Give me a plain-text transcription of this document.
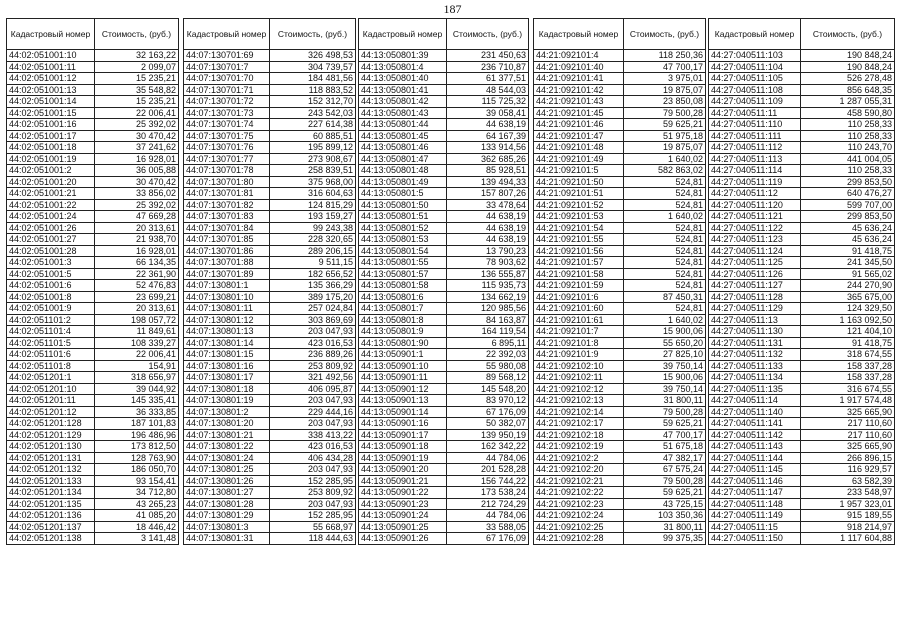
187
Кадастровый номер	Стоимость, (руб.)
44:02:051001:10	32 163,22
44:02:051001:11	2 099,07
44:02:051001:12	15 235,21
44:02:051001:13	35 548,82
44:02:051001:14	15 235,21
44:02:051001:15	22 006,41
44:02:051001:16	25 392,02
44:02:051001:17	30 470,42
44:02:051001:18	37 241,62
44:02:051001:19	16 928,01
44:02:051001:2	36 005,88
44:02:051001:20	30 470,42
44:02:051001:21	33 856,02
44:02:051001:22	25 392,02
44:02:051001:24	47 669,28
44:02:051001:26	20 313,61
44:02:051001:27	21 938,70
44:02:051001:28	16 928,01
44:02:051001:3	66 134,35
44:02:051001:5	22 361,90
44:02:051001:6	52 476,83
44:02:051001:8	23 699,21
44:02:051001:9	20 313,61
44:02:051101:2	198 057,72
44:02:051101:4	11 849,61
44:02:051101:5	108 339,27
44:02:051101:6	22 006,41
44:02:051101:8	154,91
44:02:051201:1	318 656,97
44:02:051201:10	39 044,92
44:02:051201:11	145 335,41
44:02:051201:12	36 333,85
44:02:051201:128	187 101,83
44:02:051201:129	196 486,96
44:02:051201:130	173 812,50
44:02:051201:131	128 763,90
44:02:051201:132	186 050,70
44:02:051201:133	93 154,41
44:02:051201:134	34 712,80
44:02:051201:135	43 265,23
44:02:051201:136	41 085,20
44:02:051201:137	18 446,42
44:02:051201:138	3 141,48
Кадастровый номер	Стоимость, (руб.)
44:07:130701:69	326 498,53
44:07:130701:7	304 739,57
44:07:130701:70	184 481,56
44:07:130701:71	118 883,52
44:07:130701:72	152 312,70
44:07:130701:73	243 542,03
44:07:130701:74	227 614,38
44:07:130701:75	60 885,51
44:07:130701:76	195 899,12
44:07:130701:77	273 908,67
44:07:130701:78	258 839,51
44:07:130701:80	375 968,00
44:07:130701:81	316 604,63
44:07:130701:82	124 815,29
44:07:130701:83	193 159,27
44:07:130701:84	99 243,38
44:07:130701:85	228 320,65
44:07:130701:86	289 206,15
44:07:130701:88	9 511,15
44:07:130701:89	182 656,52
44:07:130801:1	135 366,29
44:07:130801:10	389 175,20
44:07:130801:11	257 024,84
44:07:130801:12	303 869,69
44:07:130801:13	203 047,93
44:07:130801:14	423 016,53
44:07:130801:15	236 889,26
44:07:130801:16	253 809,92
44:07:130801:17	321 492,56
44:07:130801:18	406 095,87
44:07:130801:19	203 047,93
44:07:130801:2	229 444,16
44:07:130801:20	203 047,93
44:07:130801:21	338 413,22
44:07:130801:22	423 016,53
44:07:130801:24	406 434,28
44:07:130801:25	203 047,93
44:07:130801:26	152 285,95
44:07:130801:27	253 809,92
44:07:130801:28	203 047,93
44:07:130801:29	152 285,95
44:07:130801:3	55 668,97
44:07:130801:31	118 444,63
Кадастровый номер	Стоимость, (руб.)
44:13:050801:39	231 450,63
44:13:050801:4	236 710,87
44:13:050801:40	61 377,51
44:13:050801:41	48 544,03
44:13:050801:42	115 725,32
44:13:050801:43	39 058,41
44:13:050801:44	44 638,19
44:13:050801:45	64 167,39
44:13:050801:46	133 914,56
44:13:050801:47	362 685,26
44:13:050801:48	85 928,51
44:13:050801:49	139 494,33
44:13:050801:5	157 807,26
44:13:050801:50	33 478,64
44:13:050801:51	44 638,19
44:13:050801:52	44 638,19
44:13:050801:53	44 638,19
44:13:050801:54	13 790,23
44:13:050801:55	78 903,62
44:13:050801:57	136 555,87
44:13:050801:58	115 935,73
44:13:050801:6	134 662,19
44:13:050801:7	120 985,56
44:13:050801:8	84 163,87
44:13:050801:9	164 119,54
44:13:050801:90	6 895,11
44:13:050901:1	22 392,03
44:13:050901:10	55 980,08
44:13:050901:11	89 568,12
44:13:050901:12	145 548,20
44:13:050901:13	83 970,12
44:13:050901:14	67 176,09
44:13:050901:16	50 382,07
44:13:050901:17	139 950,19
44:13:050901:18	162 342,22
44:13:050901:19	44 784,06
44:13:050901:20	201 528,28
44:13:050901:21	156 744,22
44:13:050901:22	173 538,24
44:13:050901:23	212 724,29
44:13:050901:24	44 784,06
44:13:050901:25	33 588,05
44:13:050901:26	67 176,09
Кадастровый номер	Стоимость, (руб.)
44:21:092101:4	118 250,36
44:21:092101:40	47 700,17
44:21:092101:41	3 975,01
44:21:092101:42	19 875,07
44:21:092101:43	23 850,08
44:21:092101:45	79 500,28
44:21:092101:46	59 625,21
44:21:092101:47	51 975,18
44:21:092101:48	19 875,07
44:21:092101:49	1 640,02
44:21:092101:5	582 863,02
44:21:092101:50	524,81
44:21:092101:51	524,81
44:21:092101:52	524,81
44:21:092101:53	1 640,02
44:21:092101:54	524,81
44:21:092101:55	524,81
44:21:092101:56	524,81
44:21:092101:57	524,81
44:21:092101:58	524,81
44:21:092101:59	524,81
44:21:092101:6	87 450,31
44:21:092101:60	524,81
44:21:092101:61	1 640,02
44:21:092101:7	15 900,06
44:21:092101:8	55 650,20
44:21:092101:9	27 825,10
44:21:092102:10	39 750,14
44:21:092102:11	15 900,06
44:21:092102:12	39 750,14
44:21:092102:13	31 800,11
44:21:092102:14	79 500,28
44:21:092102:17	59 625,21
44:21:092102:18	47 700,17
44:21:092102:19	51 675,18
44:21:092102:2	47 382,17
44:21:092102:20	67 575,24
44:21:092102:21	79 500,28
44:21:092102:22	59 625,21
44:21:092102:23	43 725,15
44:21:092102:24	103 350,36
44:21:092102:25	31 800,11
44:21:092102:28	99 375,35
Кадастровый номер	Стоимость, (руб.)
44:27:040511:103	190 848,24
44:27:040511:104	190 848,24
44:27:040511:105	526 278,48
44:27:040511:108	856 648,35
44:27:040511:109	1 287 055,31
44:27:040511:11	458 590,80
44:27:040511:110	110 258,33
44:27:040511:111	110 258,33
44:27:040511:112	110 243,70
44:27:040511:113	441 004,05
44:27:040511:114	110 258,33
44:27:040511:119	299 853,50
44:27:040511:12	640 476,27
44:27:040511:120	599 707,00
44:27:040511:121	299 853,50
44:27:040511:122	45 636,24
44:27:040511:123	45 636,24
44:27:040511:124	91 418,75
44:27:040511:125	241 345,50
44:27:040511:126	91 565,02
44:27:040511:127	244 270,90
44:27:040511:128	365 675,00
44:27:040511:129	124 329,50
44:27:040511:13	1 163 092,50
44:27:040511:130	121 404,10
44:27:040511:131	91 418,75
44:27:040511:132	318 674,55
44:27:040511:133	158 337,28
44:27:040511:134	158 337,28
44:27:040511:135	316 674,55
44:27:040511:14	1 917 574,48
44:27:040511:140	325 665,90
44:27:040511:141	217 110,60
44:27:040511:142	217 110,60
44:27:040511:143	325 665,90
44:27:040511:144	266 896,15
44:27:040511:145	116 929,57
44:27:040511:146	63 582,39
44:27:040511:147	233 548,97
44:27:040511:148	1 957 323,01
44:27:040511:149	915 189,55
44:27:040511:15	918 214,97
44:27:040511:150	1 117 604,88
